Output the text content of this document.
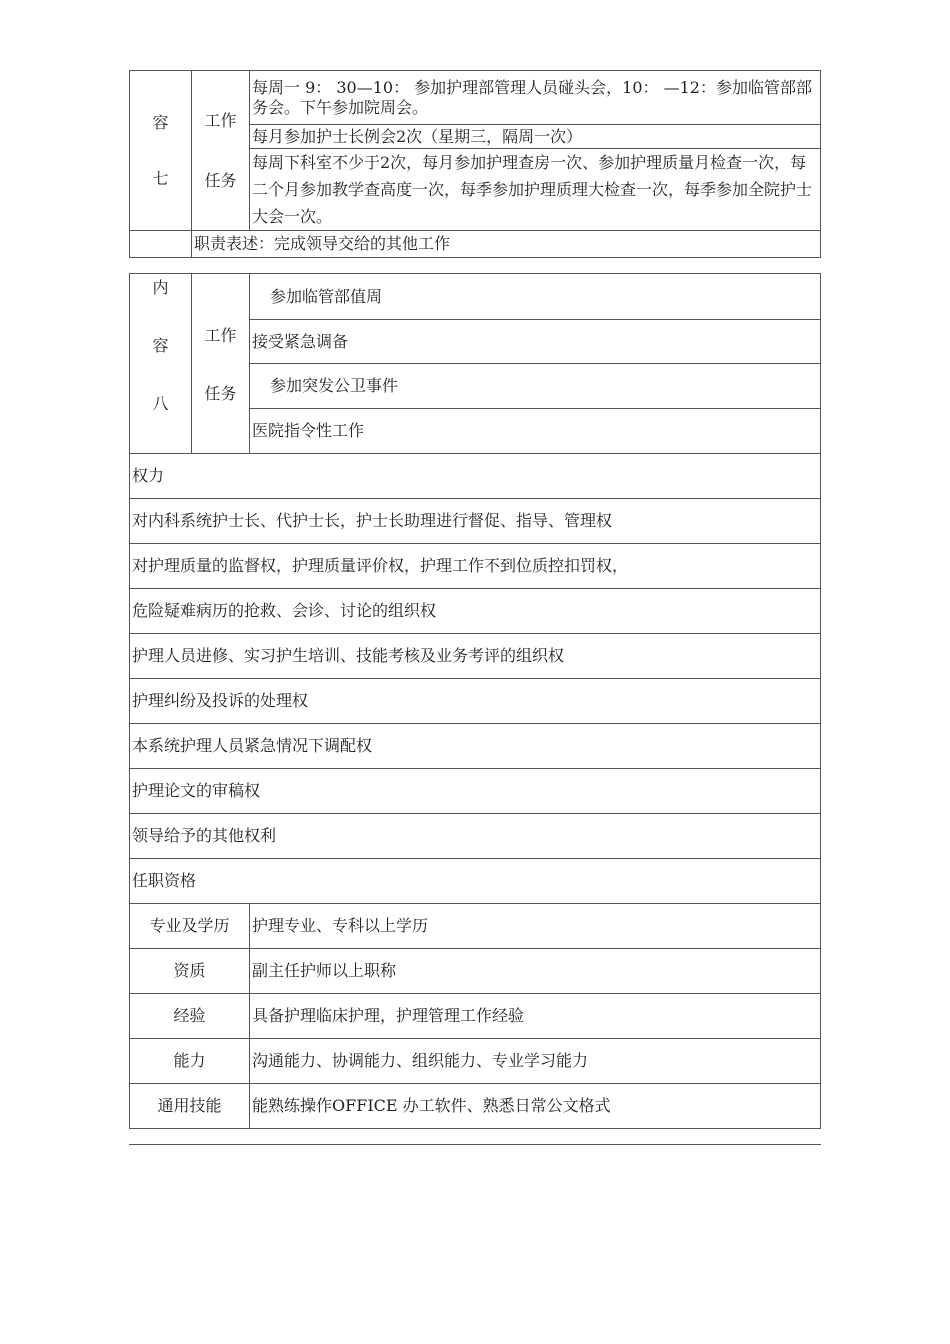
容

七	工作

任务	每周一 9： 30—10： 参加护理部管理人员碰头会，10： —12：参加临管部部务会。下午参加院周会。
		每月参加护士长例会2次（星期三，隔周一次）
		每周下科室不少于2次，每月参加护理查房一次、参加护理质量月检查一次，每二个月参加教学查高度一次，每季参加护理质理大检查一次，每季参加全院护士大会一次。
	职责表述：完成领导交给的其他工作	
内
容
八	工作
任务	参加临管部值周
		接受紧急调备
		参加突发公卫事件
		医院指令性工作
权力		
对内科系统护士长、代护士长，护士长助理进行督促、指导、管理权		
对护理质量的监督权，护理质量评价权，护理工作不到位质控扣罚权，		
危险疑难病历的抢救、会诊、讨论的组织权		
护理人员进修、实习护生培训、技能考核及业务考评的组织权		
护理纠纷及投诉的处理权		
本系统护理人员紧急情况下调配权		
护理论文的审稿权		
领导给予的其他权利		
任职资格		
专业及学历		护理专业、专科以上学历
资质		副主任护师以上职称
经验		具备护理临床护理，护理管理工作经验
能力		沟通能力、协调能力、组织能力、专业学习能力
通用技能		能熟练操作OFFICE 办工软件、熟悉日常公文格式
